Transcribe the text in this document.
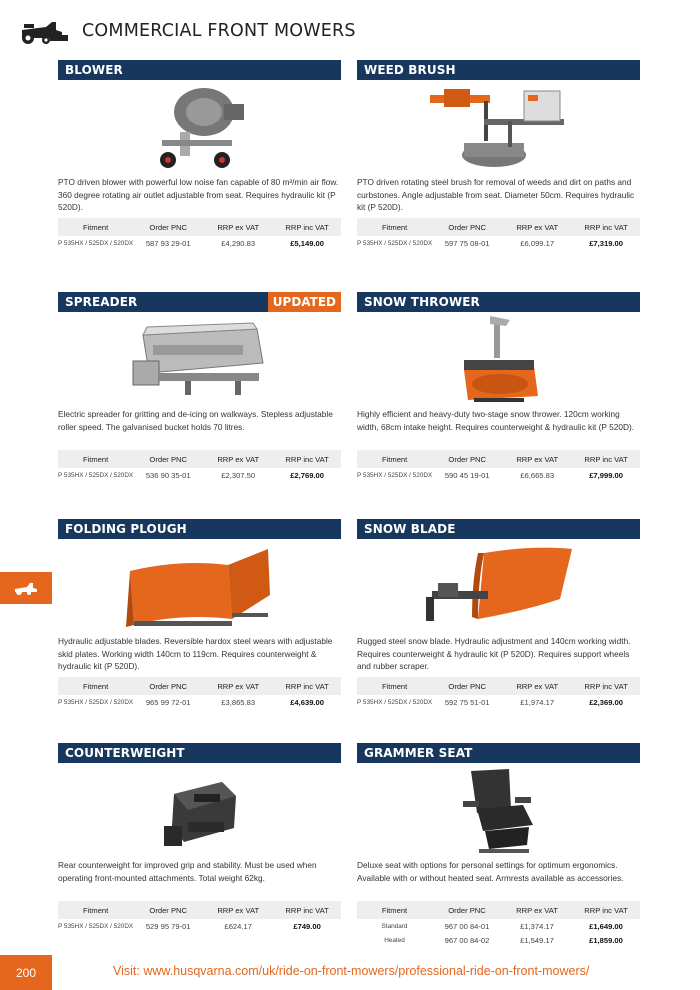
COMMERCIAL FRONT MOWERS
BLOWER
PTO driven blower with powerful low noise fan capable of 80 m³/min air flow. 360 degree rotating air outlet adjustable from seat. Requires hydraulic kit (P 520D).
Fitment	Order PNC	RRP ex VAT	RRP inc VAT
P 535HX / 525DX / 520DX	587 93 29-01	£4,290.83	£5,149.00
WEED BRUSH
PTO driven rotating steel brush for removal of weeds and dirt on paths and curbstones. Angle adjustable from seat. Diameter 50cm. Requires hydraulic kit (P 520D).
Fitment	Order PNC	RRP ex VAT	RRP inc VAT
P 535HX / 525DX / 520DX	597 75 08-01	£6,099.17	£7,319.00
SPREADER	UPDATED
Electric spreader for gritting and de-icing on walkways. Stepless adjustable roller speed. The galvanised bucket holds 70 litres.
Fitment	Order PNC	RRP ex VAT	RRP inc VAT
P 535HX / 525DX / 520DX	536 90 35-01	£2,307.50	£2,769.00
SNOW THROWER
Highly efficient and heavy-duty two-stage snow thrower. 120cm working width, 68cm intake height. Requires counterweight & hydraulic kit (P 520D).
Fitment	Order PNC	RRP ex VAT	RRP inc VAT
P 535HX / 525DX / 520DX	590 45 19-01	£6,665.83	£7,999.00
FOLDING PLOUGH
Hydraulic adjustable blades. Reversible hardox steel wears with adjustable skid plates. Working width 140cm to 119cm. Requires counterweight & hydraulic kit (P 520D).
Fitment	Order PNC	RRP ex VAT	RRP inc VAT
P 535HX / 525DX / 520DX	965 99 72-01	£3,865.83	£4,639.00
SNOW BLADE
Rugged steel snow blade. Hydraulic adjustment and 140cm working width. Requires counterweight & hydraulic kit (P 520D). Requires support wheels and rubber scraper.
Fitment	Order PNC	RRP ex VAT	RRP inc VAT
P 535HX / 525DX / 520DX	592 75 51-01	£1,974.17	£2,369.00
COUNTERWEIGHT
Rear counterweight for improved grip and stability. Must be used when operating front-mounted attachments. Total weight 62kg.
Fitment	Order PNC	RRP ex VAT	RRP inc VAT
P 535HX / 525DX / 520DX	529 95 79-01	£624.17	£749.00
GRAMMER SEAT
Deluxe seat with options for personal settings for optimum ergonomics. Available with or without heated seat. Armrests available as accessories.
Fitment	Order PNC	RRP ex VAT	RRP inc VAT
Standard	967 00 84-01	£1,374.17	£1,649.00
Heated	967 00 84-02	£1,549.17	£1,859.00
200	Visit: www.husqvarna.com/uk/ride-on-front-mowers/professional-ride-on-front-mowers/
